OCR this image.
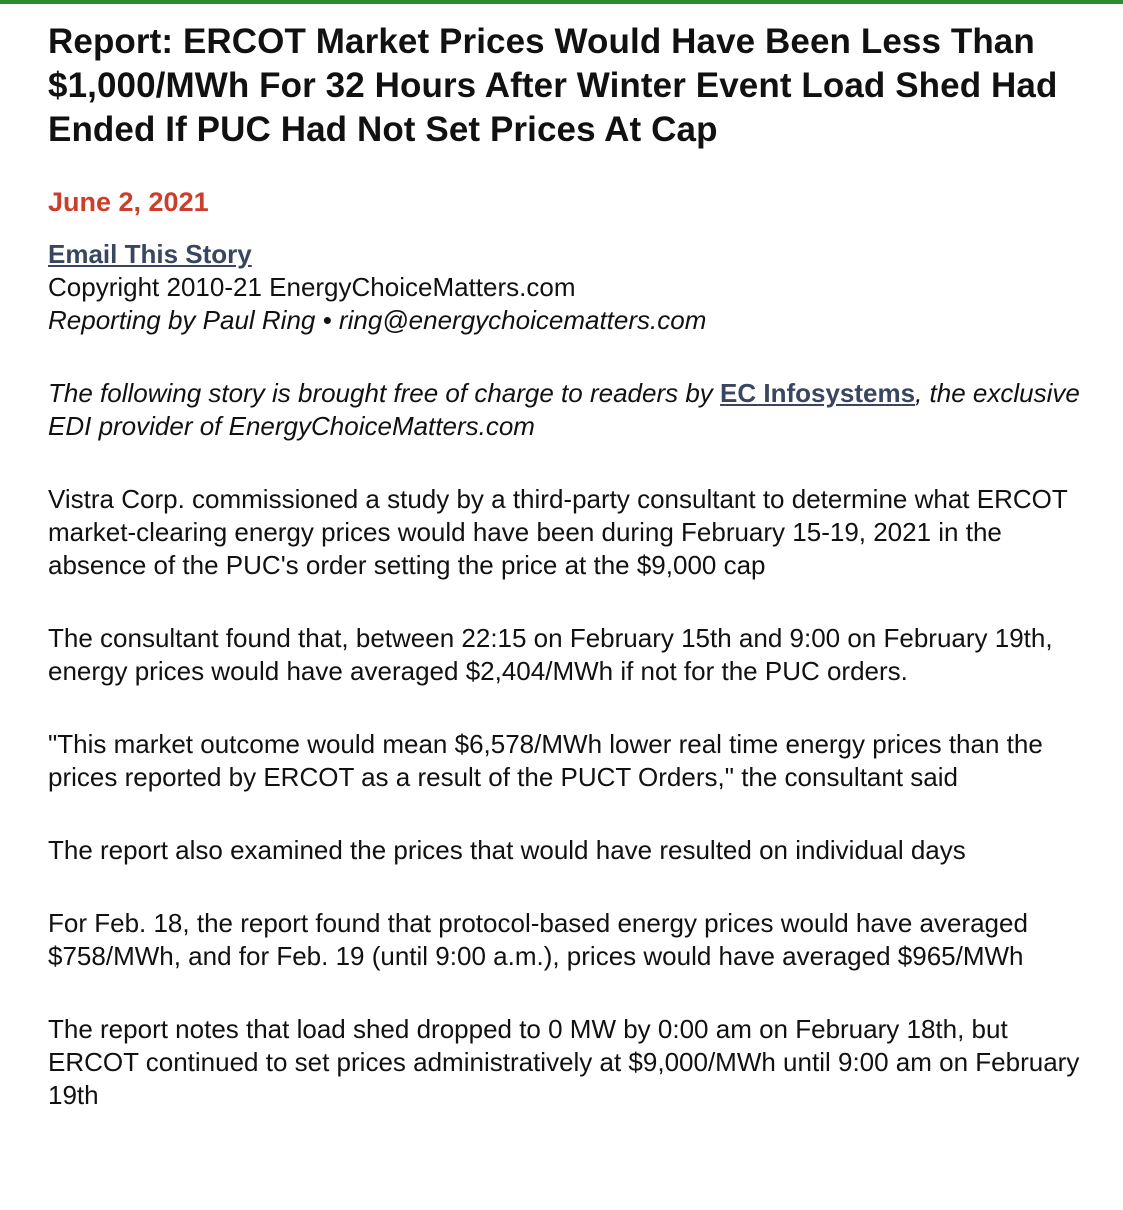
Report: ERCOT Market Prices Would Have Been Less Than $1,000/MWh For 32 Hours After Winter Event Load Shed Had Ended If PUC Had Not Set Prices At Cap
June 2, 2021
Email This Story
Copyright 2010-21 EnergyChoiceMatters.com
Reporting by Paul Ring • ring@energychoicematters.com

The following story is brought free of charge to readers by EC Infosystems, the exclusive EDI provider of EnergyChoiceMatters.com

Vistra Corp. commissioned a study by a third-party consultant to determine what ERCOT market-clearing energy prices would have been during February 15-19, 2021 in the absence of the PUC's order setting the price at the $9,000 cap

The consultant found that, between 22:15 on February 15th and 9:00 on February 19th, energy prices would have averaged $2,404/MWh if not for the PUC orders.

"This market outcome would mean $6,578/MWh lower real time energy prices than the prices reported by ERCOT as a result of the PUCT Orders," the consultant said

The report also examined the prices that would have resulted on individual days

For Feb. 18, the report found that protocol-based energy prices would have averaged $758/MWh, and for Feb. 19 (until 9:00 a.m.), prices would have averaged $965/MWh

The report notes that load shed dropped to 0 MW by 0:00 am on February 18th, but ERCOT continued to set prices administratively at $9,000/MWh until 9:00 am on February 19th
